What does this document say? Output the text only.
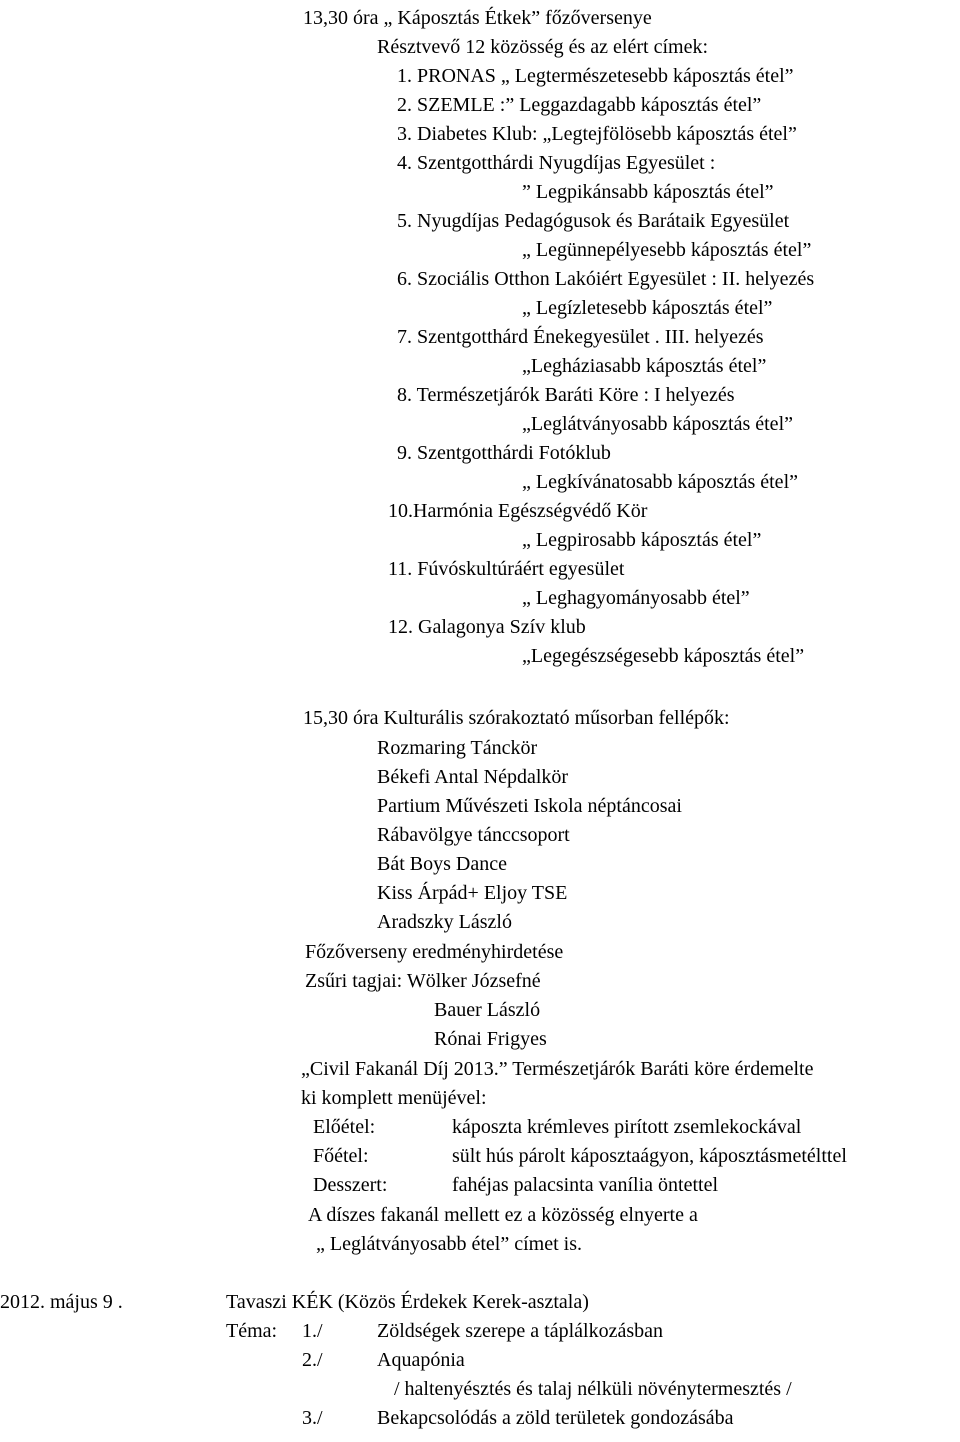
13,30 óra „ Káposztás Étkek” főzőversenye
Résztvevő 12 közösség és az elért címek:
1. PRONAS „ Legtermészetesebb káposztás étel”
2. SZEMLE :” Leggazdagabb káposztás étel”
3. Diabetes Klub: „Legtejfölösebb káposztás étel”
4. Szentgotthárdi Nyugdíjas Egyesület :
” Legpikánsabb káposztás étel”
5. Nyugdíjas Pedagógusok és Barátaik Egyesület
„ Legünnepélyesebb káposztás étel”
6. Szociális Otthon Lakóiért Egyesület : II. helyezés
„ Legízletesebb káposztás étel”
7. Szentgotthárd Énekegyesület . III. helyezés
„Legháziasabb káposztás étel”
8. Természetjárók Baráti Köre : I helyezés
„Leglátványosabb káposztás étel”
9. Szentgotthárdi Fotóklub
„ Legkívánatosabb káposztás étel”
10.Harmónia Egészségvédő Kör
„ Legpirosabb káposztás étel”
11. Fúvóskultúráért egyesület
„ Leghagyományosabb étel”
12. Galagonya Szív klub
„Legegészségesebb káposztás étel”
15,30 óra Kulturális szórakoztató műsorban fellépők:
Rozmaring Tánckör
Békefi Antal Népdalkör
Partium Művészeti Iskola néptáncosai
Rábavölgye tánccsoport
Bát Boys Dance
Kiss Árpád+ Eljoy TSE
Aradszky László
Főzőverseny eredményhirdetése
Zsűri tagjai: Wölker Józsefné
Bauer László
Rónai Frigyes
„Civil Fakanál Díj 2013.” Természetjárók Baráti köre érdemelte
ki komplett menüjével:
Előétel:	káposzta krémleves pirított zsemlekockával
Főétel:	sült hús párolt káposztaágyon, káposztásmetélttel
Desszert:	fahéjas palacsinta vanília öntettel
A díszes fakanál mellett ez a közösség elnyerte a
„ Leglátványosabb étel” címet is.
2012. május 9 .	Tavaszi KÉK (Közös Érdekek Kerek-asztala)
Téma: 1./	Zöldségek szerepe a táplálkozásban
2./	Aquapónia
/ haltenyésztés és talaj nélküli növénytermesztés /
3./	Bekapcsolódás a zöld területek gondozásába
